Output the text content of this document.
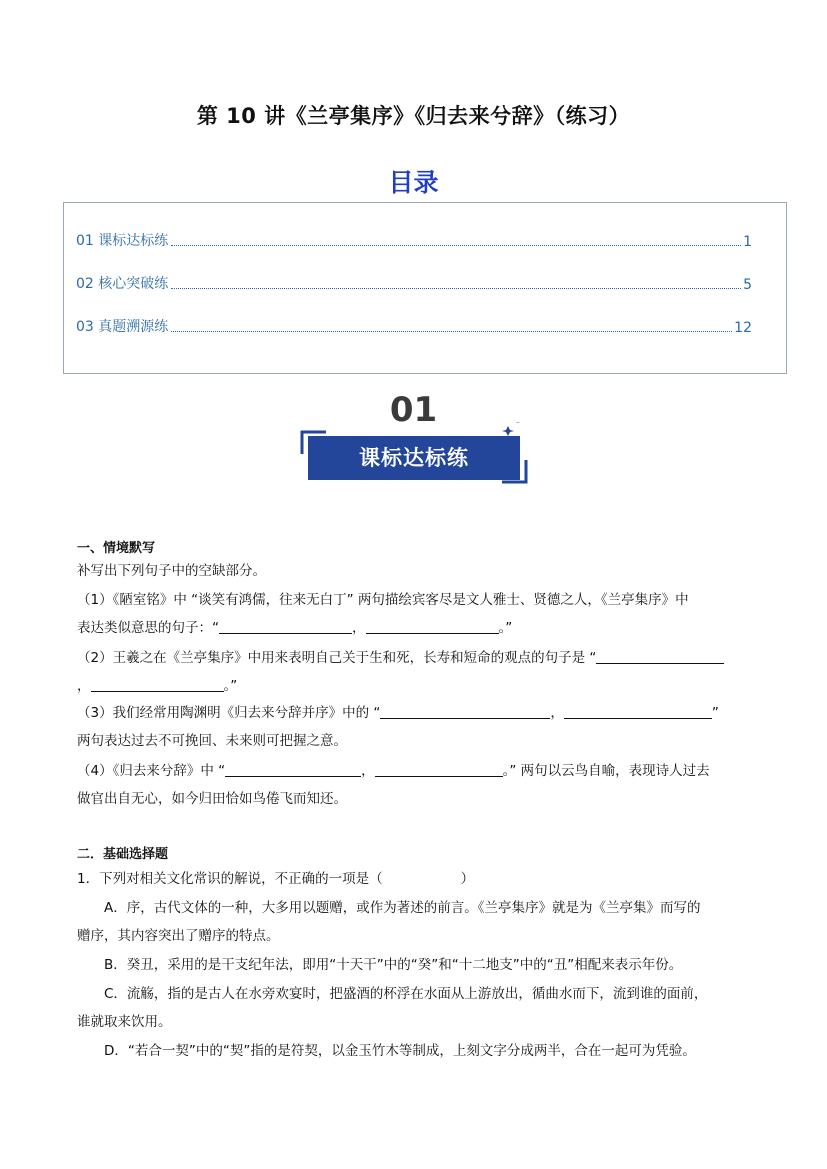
第 10 讲《兰亭集序》《归去来兮辞》（练习）
目录
01 课标达标练	1
02 核心突破练	5
03 真题溯源练	12
01
课标达标练
一、情境默写
补写出下列句子中的空缺部分。
（1）《陋室铭》中 “谈笑有鸿儒，往来无白丁” 两句描绘宾客尽是文人雅士、贤德之人，《兰亭集序》中
表达类似意思的句子：“	，	。”
（2）王羲之在《兰亭集序》中用来表明自己关于生和死，长寿和短命的观点的句子是 “
，	。”
（3）我们经常用陶渊明《归去来兮辞并序》中的 “	，	”
两句表达过去不可挽回、未来则可把握之意。
（4）《归去来兮辞》中 “	，	。” 两句以云鸟自喻，表现诗人过去
做官出自无心，如今归田恰如鸟倦飞而知还。
二．基础选择题
1．下列对相关文化常识的解说，不正确的一项是（	）
A．序，古代文体的一种，大多用以题赠，或作为著述的前言。《兰亭集序》就是为《兰亭集》而写的
赠序，其内容突出了赠序的特点。
B．癸丑，采用的是干支纪年法，即用“十天干”中的“癸”和“十二地支”中的“丑”相配来表示年份。
C．流觞，指的是古人在水旁欢宴时，把盛酒的杯浮在水面从上游放出，循曲水而下，流到谁的面前，
谁就取来饮用。
D．“若合一契”中的“契”指的是符契，以金玉竹木等制成，上刻文字分成两半，合在一起可为凭验。
